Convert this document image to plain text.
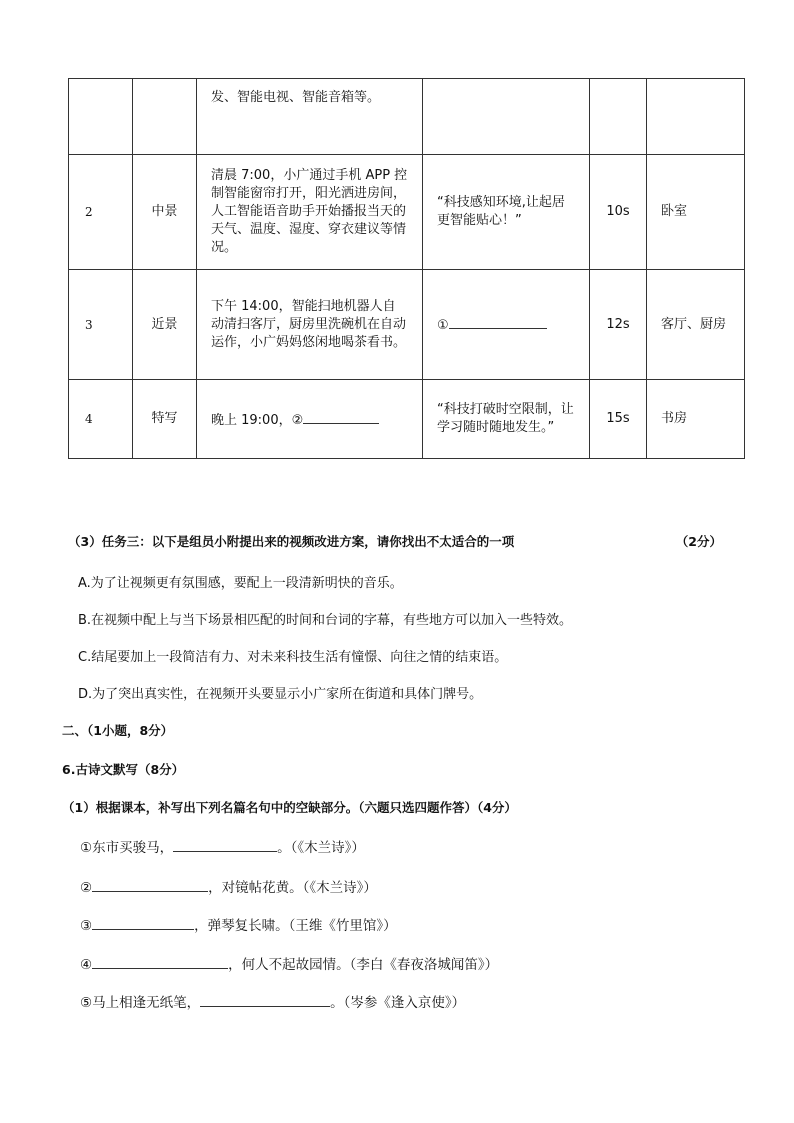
		发、智能电视、智能音箱等。			
2	中景	清晨 7:00，小广通过手机 APP 控制智能窗帘打开，阳光洒进房间，人工智能语音助手开始播报当天的天气、温度、湿度、穿衣建议等情况。	“科技感知环境,让起居更智能贴心！”	10s	卧室
3	近景	下午 14:00，智能扫地机器人自动清扫客厅，厨房里洗碗机在自动运作，小广妈妈悠闲地喝茶看书。	①	12s	客厅、厨房
4	特写	晚上 19:00，②	“科技打破时空限制，让学习随时随地发生。”	15s	书房
（3）任务三：以下是组员小附提出来的视频改进方案，请你找出不太适合的一项	（2分）
A.为了让视频更有氛围感，要配上一段清新明快的音乐。
B.在视频中配上与当下场景相匹配的时间和台词的字幕，有些地方可以加入一些特效。
C.结尾要加上一段简洁有力、对未来科技生活有憧憬、向往之情的结束语。
D.为了突出真实性，在视频开头要显示小广家所在街道和具体门牌号。
二、（1小题，8分）
6.古诗文默写（8分）
（1）根据课本，补写出下列名篇名句中的空缺部分。（六题只选四题作答）（4分）
①东市买骏马，	。（《木兰诗》）
②	，对镜帖花黄。（《木兰诗》）
③	，弹琴复长啸。（王维《竹里馆》）
④	，何人不起故园情。（李白《春夜洛城闻笛》）
⑤马上相逢无纸笔，	。（岑参《逢入京使》）
